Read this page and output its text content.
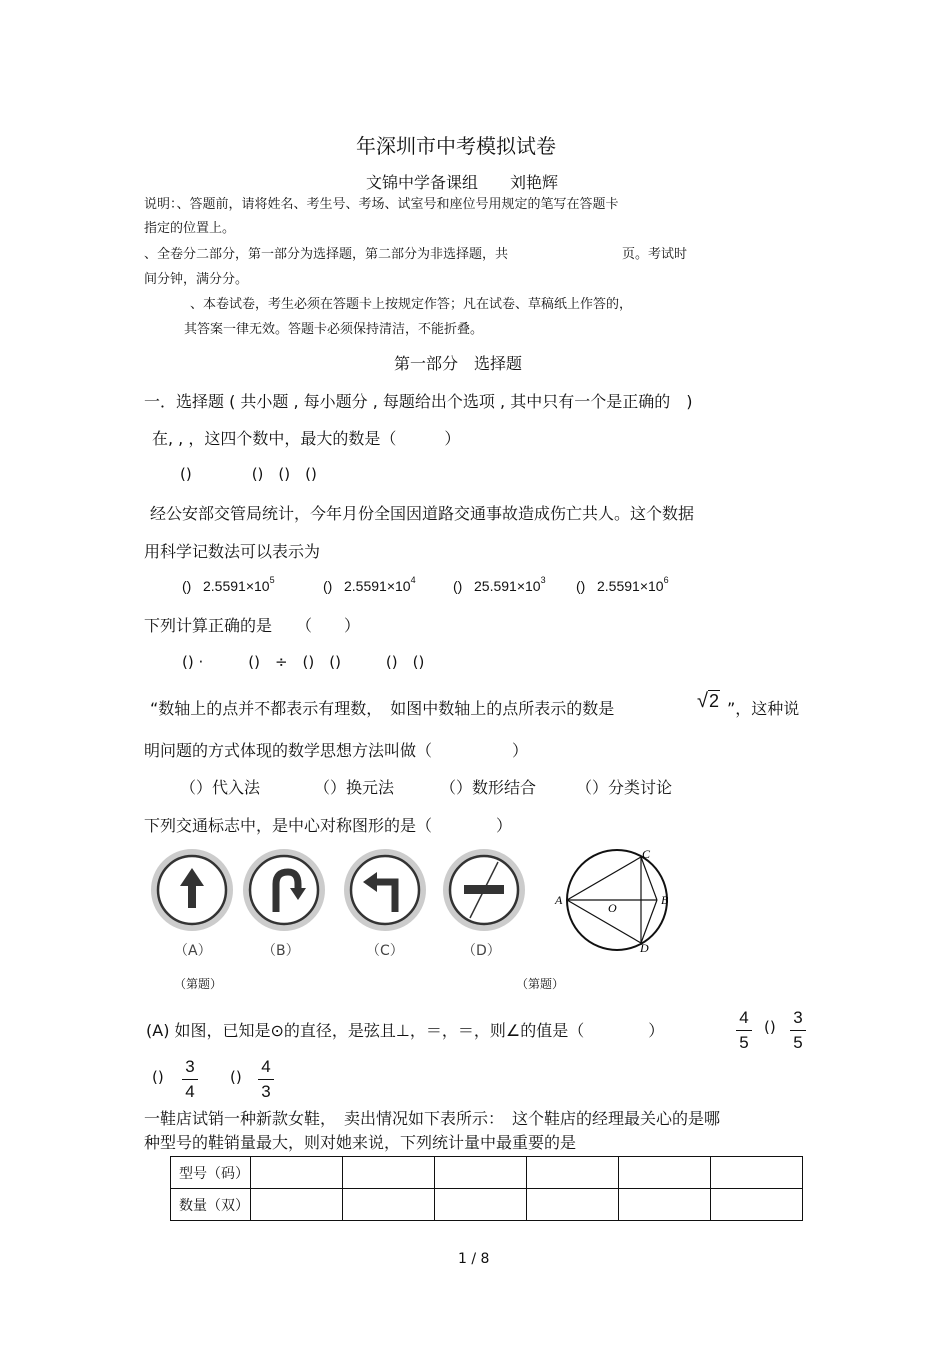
年深圳市中考模拟试卷
文锦中学备课组　　刘艳辉
说明：、答题前，请将姓名、考生号、考场、试室号和座位号用规定的笔写在答题卡
指定的位置上。
、全卷分二部分，第一部分为选择题，第二部分为非选择题，共	页。考试时
间分钟，满分分。
、本卷试卷，考生必须在答题卡上按规定作答；凡在试卷、草稿纸上作答的，
其答案一律无效。答题卡必须保持清洁，不能折叠。
第一部分　选择题
一．选择题 ( 共小题 , 每小题分 , 每题给出个选项 , 其中只有一个是正确的　)
在, , ，这四个数中，最大的数是（　　　）
()　　　　()　()　()
经公安部交管局统计，今年月份全国因道路交通事故造成伤亡共人。这个数据
用科学记数法可以表示为
() $2.5591\times 10^5$	() $2.5591\times 10^4$	() $25.591\times 10^3$ () $2.5591\times 10^6$
下列计算正确的是　　（　　）
() ·　　　()　÷　()　()　　　()　()
“数轴上的点并不都表示有理数，　如图中数轴上的点所表示的数是	√2 ”，这种说
明问题的方式体现的数学思想方法叫做（　　　　　）
（）代入法	（）换元法	（）数形结合 （）分类讨论
下列交通标志中，是中心对称图形的是（　　　　）
（A）	（B）	（C）	（D）
A
O
C
B
D
（第题）	（第题）
(A) 如图，已知是⊙的直径，是弦且⊥，＝，＝，则∠的值是（　　　　）
4
5
() 3
5
()
3
4
()
4
3
一鞋店试销一种新款女鞋，　卖出情况如下表所示：　这个鞋店的经理最关心的是哪
种型号的鞋销量最大，则对她来说，下列统计量中最重要的是
型号（码）						
数量（双）						
1 / 8
